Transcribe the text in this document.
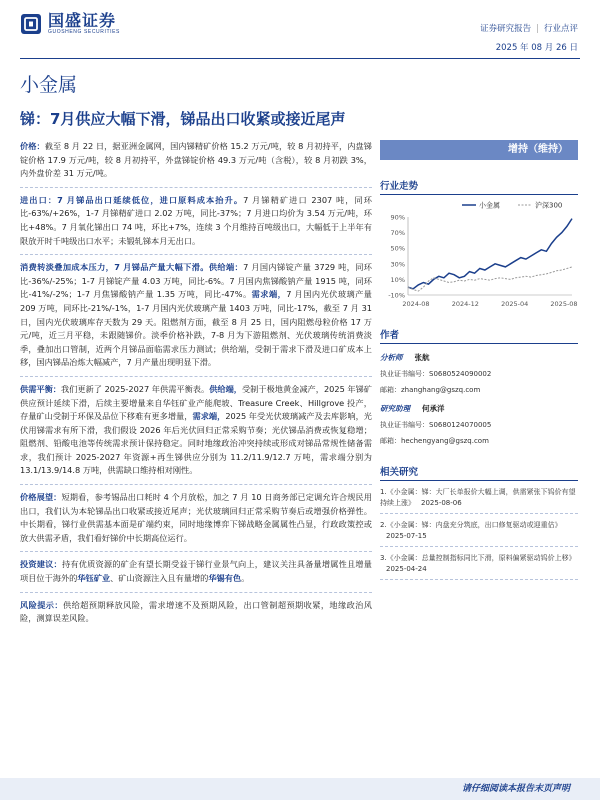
国盛证券
GUOSHENG SECURITIES	证券研究报告 | 行业点评
2025 年 08 月 26 日
小金属
锑：7月供应大幅下滑，锑品出口收紧或接近尾声
价格：截至 8 月 22 日，据亚洲金属网，国内锑精矿价格 15.2 万元/吨，较 8 月初持平，内盘锑锭价格 17.9 万元/吨，较 8 月初持平，外盘锑锭价格 49.3 万元/吨（含税），较 8 月初跌 3%，内外盘价差 31 万元/吨。
进出口：7 月锑品出口延续低位，进口原料成本抬升。7 月锑精矿进口 2307 吨，同环比-63%/+26%，1-7 月锑精矿进口 2.02 万吨，同比-37%；7 月进口均价为 3.54 万元/吨，环比+48%。7 月氧化锑出口 74 吨，环比+7%，连续 3 个月维持百吨级出口，大幅低于上半年有限放开时千吨级出口水平；未锻轧锑本月无出口。
消费转淡叠加成本压力，7 月锑品产量大幅下滑。供给端：7 月国内锑锭产量 3729 吨，同环比-36%/-25%；1-7 月锑锭产量 4.03 万吨，同比-6%。7 月国内焦锑酸钠产量 1915 吨，同环比-41%/-2%；1-7 月焦锑酸钠产量 1.35 万吨，同比-47%。需求端，7 月国内光伏玻璃产量 209 万吨，同环比-21%/-1%，1-7 月国内光伏玻璃产量 1403 万吨，同比-17%，截至 7 月 31 日，国内光伏玻璃库存天数为 29 天。阻燃剂方面，截至 8 月 25 日，国内阻燃母粒价格 17 万元/吨，近三月平稳，未跟随锑价。淡季价格补跌，7-8 月为下游阻燃剂、光伏玻璃传统消费淡季，叠加出口管制，近两个月锑品面临需求压力测试；供给端，受制于需求下滑及进口矿成本上移，国内锑品冶炼大幅减产，7 月产量出现明显下滑。
供需平衡：我们更新了 2025-2027 年供需平衡表。供给端，受制于极地黄金减产，2025 年锑矿供应预计延续下滑，后续主要增量来自华钰矿业产能爬坡、Treasure Creek、Hillgrove 投产，存量矿山受制于环保及品位下移难有更多增量，需求端，2025 年受光伏玻璃减产及去库影响，光伏用锑需求有所下滑，我们假设 2026 年后光伏回归正常采购节奏；光伏锑品消费或恢复稳增；阻燃剂、铅酸电池等传统需求预计保持稳定。同时地缘政治冲突持续或形成对锑品常规性储备需求，我们预计 2025-2027 年资源+再生锑供应分别为 11.2/11.9/12.7 万吨，需求端分别为 13.1/13.9/14.8 万吨，供需缺口维持相对刚性。
价格展望：短期看，参考锡品出口耗时 4 个月放松，加之 7 月 10 日商务部已定调允许合规民用出口，我们认为本轮锑品出口收紧或接近尾声；光伏玻璃回归正常采购节奏后或增强价格弹性。中长期看，锑行业供需基本面是矿端约束，同时地缘博弈下锑战略金属属性凸显，行政政策控或放大供需矛盾，我们看好锑价中长期高位运行。
投资建议：持有优质资源的矿企有望长期受益于锑行业景气向上，建议关注具备量增属性且增量项目位于海外的华钰矿业、矿山资源注入且有量增的华锡有色。
风险提示：供给超预期释放风险，需求增速不及预期风险，出口管制超预期收紧，地缘政治风险，测算误差风险。
增持（维持）
行业走势
-10%
10%
30%
50%
70%
90%
2024-08	2024-12	2025-04	2025-08
小金属	沪深300
作者
分析师 张航
执业证书编号：S0680524090002
邮箱：zhanghang@gszq.com
研究助理 何承洋
执业证书编号：S0680124070005
邮箱：hechengyang@gszq.com
相关研究
1.《小金属：锑：大厂长单报价大幅上调，供需紧张下钨价有望持续上涨》 2025-08-06
2.《小金属：锑：内盘充分筑底，出口修复驱动或迎重估》2025-07-15
3.《小金属：总量控制指标同比下滑，原料偏紧驱动钨价上移》2025-04-24
请仔细阅读本报告末页声明
